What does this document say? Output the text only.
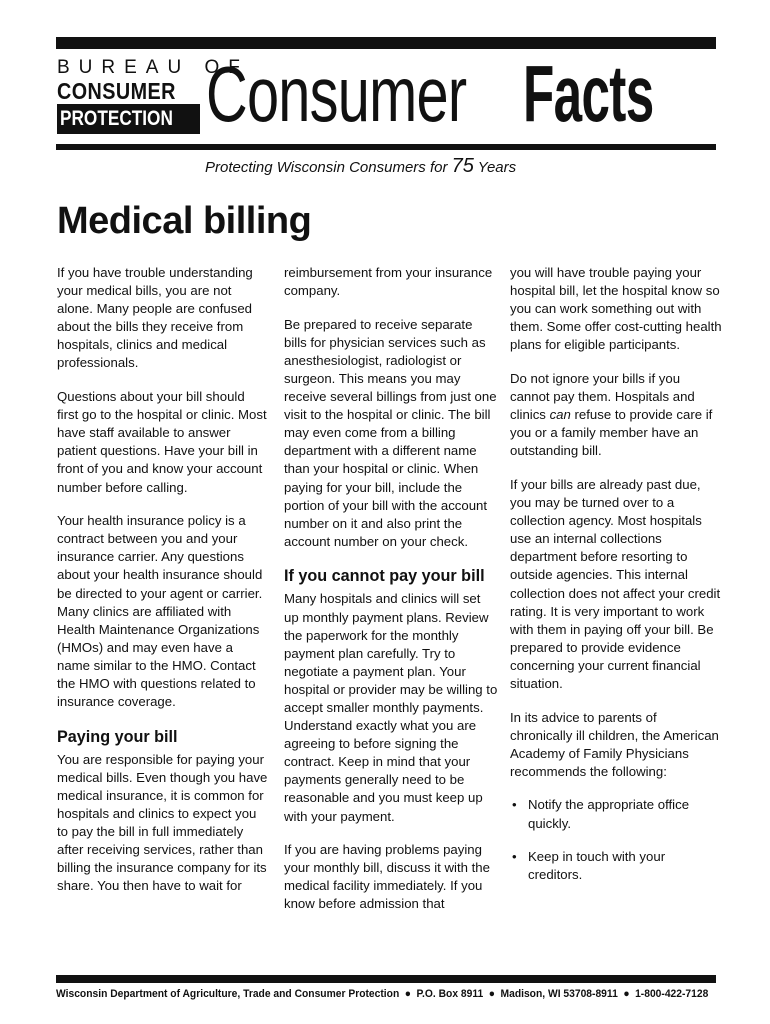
BUREAU OF
CONSUMER
PROTECTION Consumer Facts
Protecting Wisconsin Consumers for 75 Years
Medical billing

If you have trouble understanding your medical bills, you are not alone. Many people are confused about the bills they receive from hospitals, clinics and medical professionals.

Questions about your bill should first go to the hospital or clinic. Most have staff available to answer patient questions. Have your bill in front of you and know your account number before calling.

Your health insurance policy is a contract between you and your insurance carrier. Any questions about your health insurance should be directed to your agent or carrier. Many clinics are affiliated with Health Maintenance Organizations (HMOs) and may even have a name similar to the HMO. Contact the HMO with questions related to insurance coverage.

Paying your bill

You are responsible for paying your medical bills. Even though you have medical insurance, it is common for hospitals and clinics to expect you to pay the bill in full immediately after receiving services, rather than billing the insurance company for its share. You then have to wait for

reimbursement from your insurance company.

Be prepared to receive separate bills for physician services such as anesthesiologist, radiologist or surgeon. This means you may receive several billings from just one visit to the hospital or clinic. The bill may even come from a billing department with a different name than your hospital or clinic. When paying for your bill, include the portion of your bill with the account number on it and also print the account number on your check.

If you cannot pay your bill

Many hospitals and clinics will set up monthly payment plans. Review the paperwork for the monthly payment plan carefully. Try to negotiate a payment plan. Your hospital or provider may be willing to accept smaller monthly payments. Understand exactly what you are agreeing to before signing the contract. Keep in mind that your payments generally need to be reasonable and you must keep up with your payment.

If you are having problems paying your monthly bill, discuss it with the medical facility immediately. If you know before admission that

you will have trouble paying your hospital bill, let the hospital know so you can work something out with them. Some offer cost-cutting health plans for eligible participants.

Do not ignore your bills if you cannot pay them. Hospitals and clinics can refuse to provide care if you or a family member have an outstanding bill.

If your bills are already past due, you may be turned over to a collection agency. Most hospitals use an internal collections department before resorting to outside agencies. This internal collection does not affect your credit rating. It is very important to work with them in paying off your bill. Be prepared to provide evidence concerning your current financial situation.

In its advice to parents of chronically ill children, the American Academy of Family Physicians recommends the following:

• Notify the appropriate office quickly.
• Keep in touch with your creditors.
Wisconsin Department of Agriculture, Trade and Consumer Protection ● P.O. Box 8911 ● Madison, WI 53708-8911 ● 1-800-422-7128
